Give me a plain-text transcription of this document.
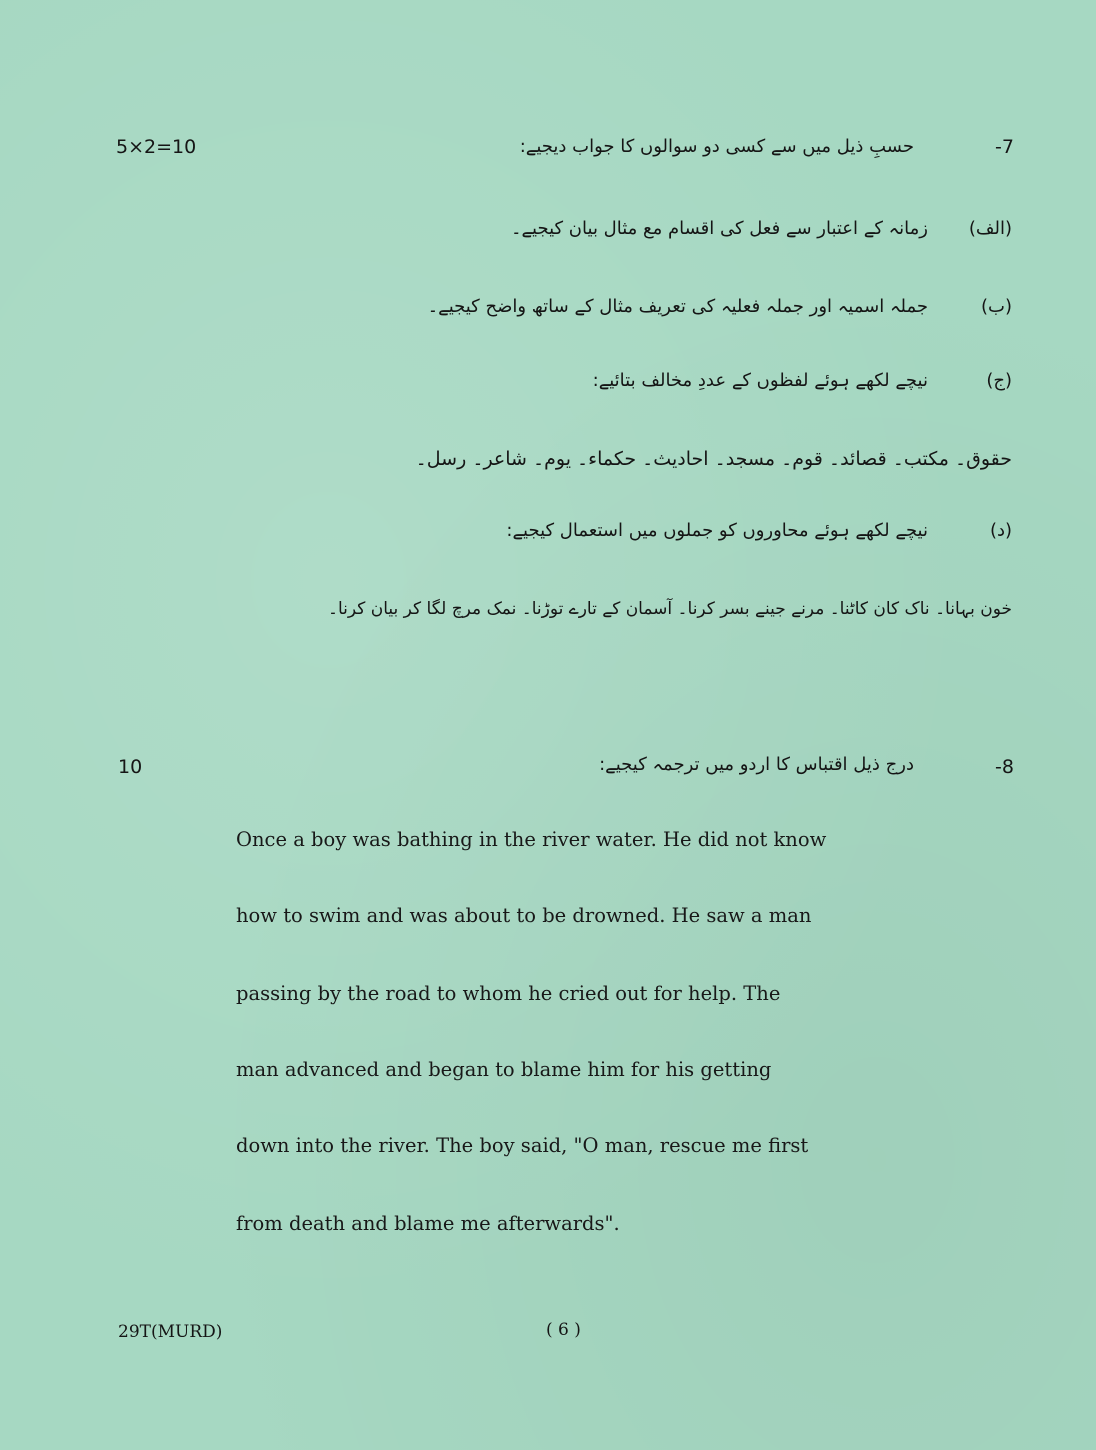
5×2=10	حسبِ ذیل میں سے کسی دو سوالوں کا جواب دیجیے:	-7
(الف)
زمانہ کے اعتبار سے فعل کی اقسام مع مثال بیان کیجیے۔
(ب)
جملہ اسمیہ اور جملہ فعلیہ کی تعریف مثال کے ساتھ واضح کیجیے۔
(ج)
نیچے لکھے ہوئے لفظوں کے عددِ مخالف بتائیے:
حقوق۔ مکتب۔ قصائد۔ قوم۔ مسجد۔ احادیث۔ حکماء۔ یوم۔ شاعر۔ رسل۔
(د)
نیچے لکھے ہوئے محاوروں کو جملوں میں استعمال کیجیے:
خون بہانا۔ ناک کان کاٹنا۔ مرنے جینے بسر کرنا۔ آسمان کے تارے توڑنا۔ نمک مرچ لگا کر بیان کرنا۔
10	درج ذیل اقتباس کا اردو میں ترجمہ کیجیے:	-8
Once a boy was bathing in the river water. He did not know
how to swim and was about to be drowned. He saw a man
passing by the road to whom he cried out for help. The
man advanced and began to blame him for his getting
down into the river. The boy said, "O man, rescue me first
from death and blame me afterwards".
29T(MURD)	( 6 )
